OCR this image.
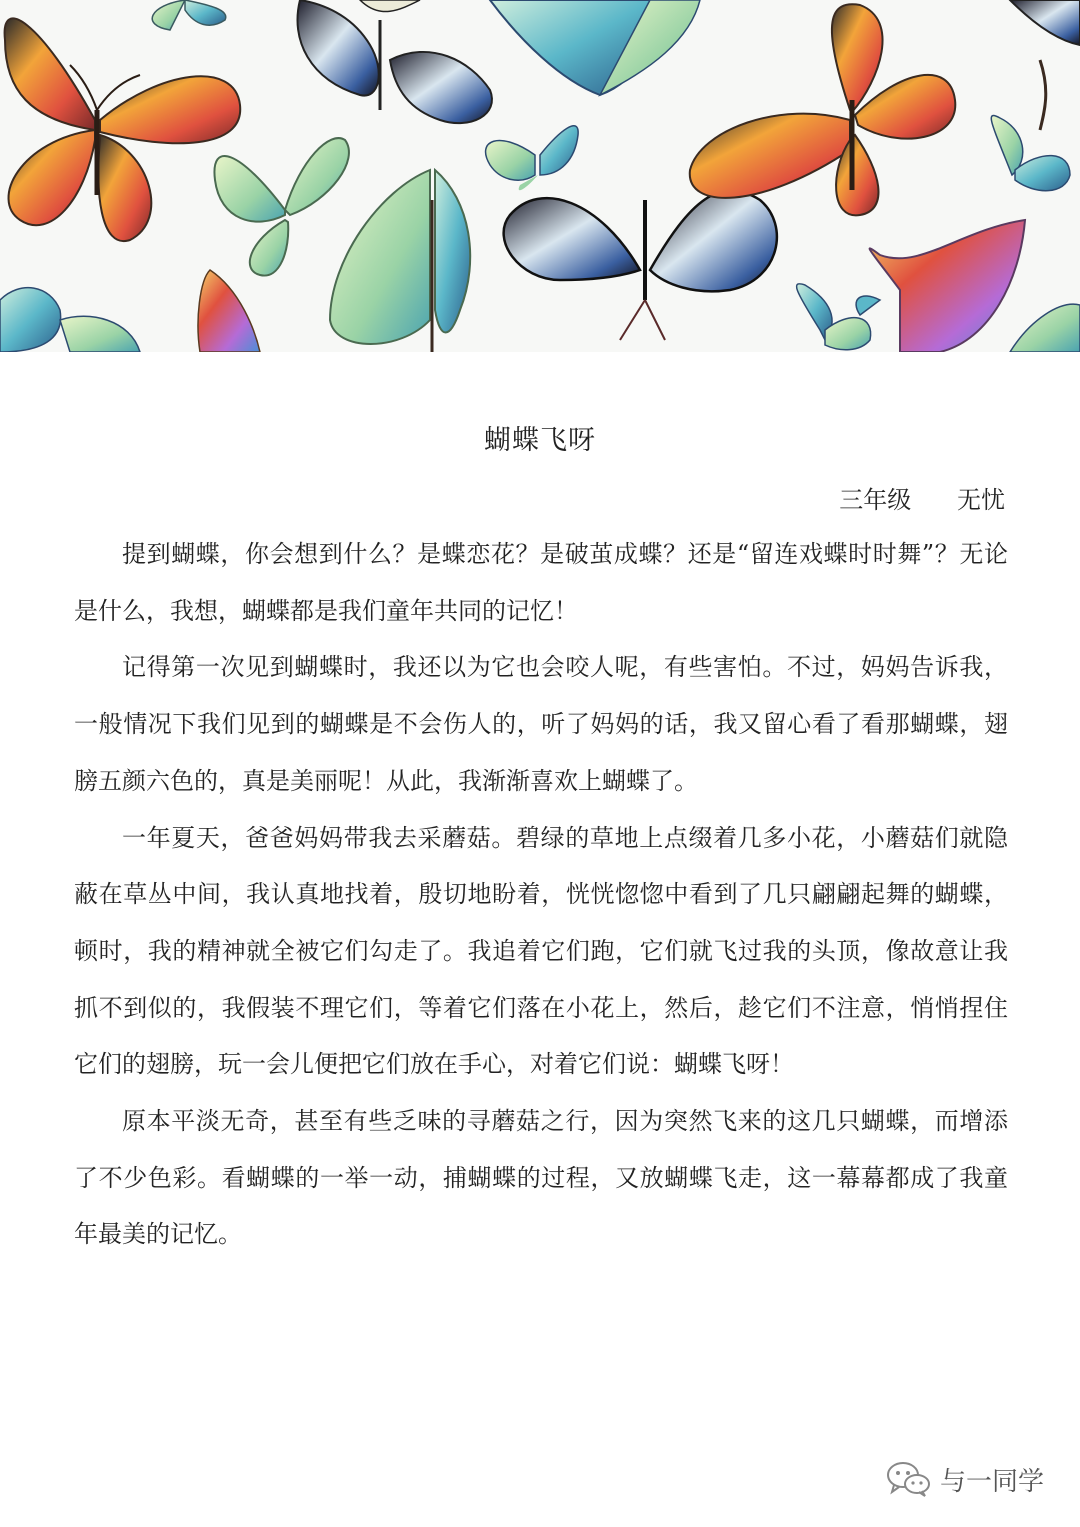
蝴蝶飞呀
三年级      无忧

提到蝴蝶，你会想到什么？是蝶恋花？是破茧成蝶？还是“留连戏蝶时时舞”？无论是什么，我想，蝴蝶都是我们童年共同的记忆！

记得第一次见到蝴蝶时，我还以为它也会咬人呢，有些害怕。不过，妈妈告诉我，一般情况下我们见到的蝴蝶是不会伤人的，听了妈妈的话，我又留心看了看那蝴蝶，翅膀五颜六色的，真是美丽呢！从此，我渐渐喜欢上蝴蝶了。

一年夏天，爸爸妈妈带我去采蘑菇。碧绿的草地上点缀着几多小花，小蘑菇们就隐蔽在草丛中间，我认真地找着，殷切地盼着，恍恍惚惚中看到了几只翩翩起舞的蝴蝶，顿时，我的精神就全被它们勾走了。我追着它们跑，它们就飞过我的头顶，像故意让我抓不到似的，我假装不理它们，等着它们落在小花上，然后，趁它们不注意，悄悄捏住它们的翅膀，玩一会儿便把它们放在手心，对着它们说：蝴蝶飞呀！

原本平淡无奇，甚至有些乏味的寻蘑菇之行，因为突然飞来的这几只蝴蝶，而增添了不少色彩。看蝴蝶的一举一动，捕蝴蝶的过程，又放蝴蝶飞走，这一幕幕都成了我童年最美的记忆。

与一同学
